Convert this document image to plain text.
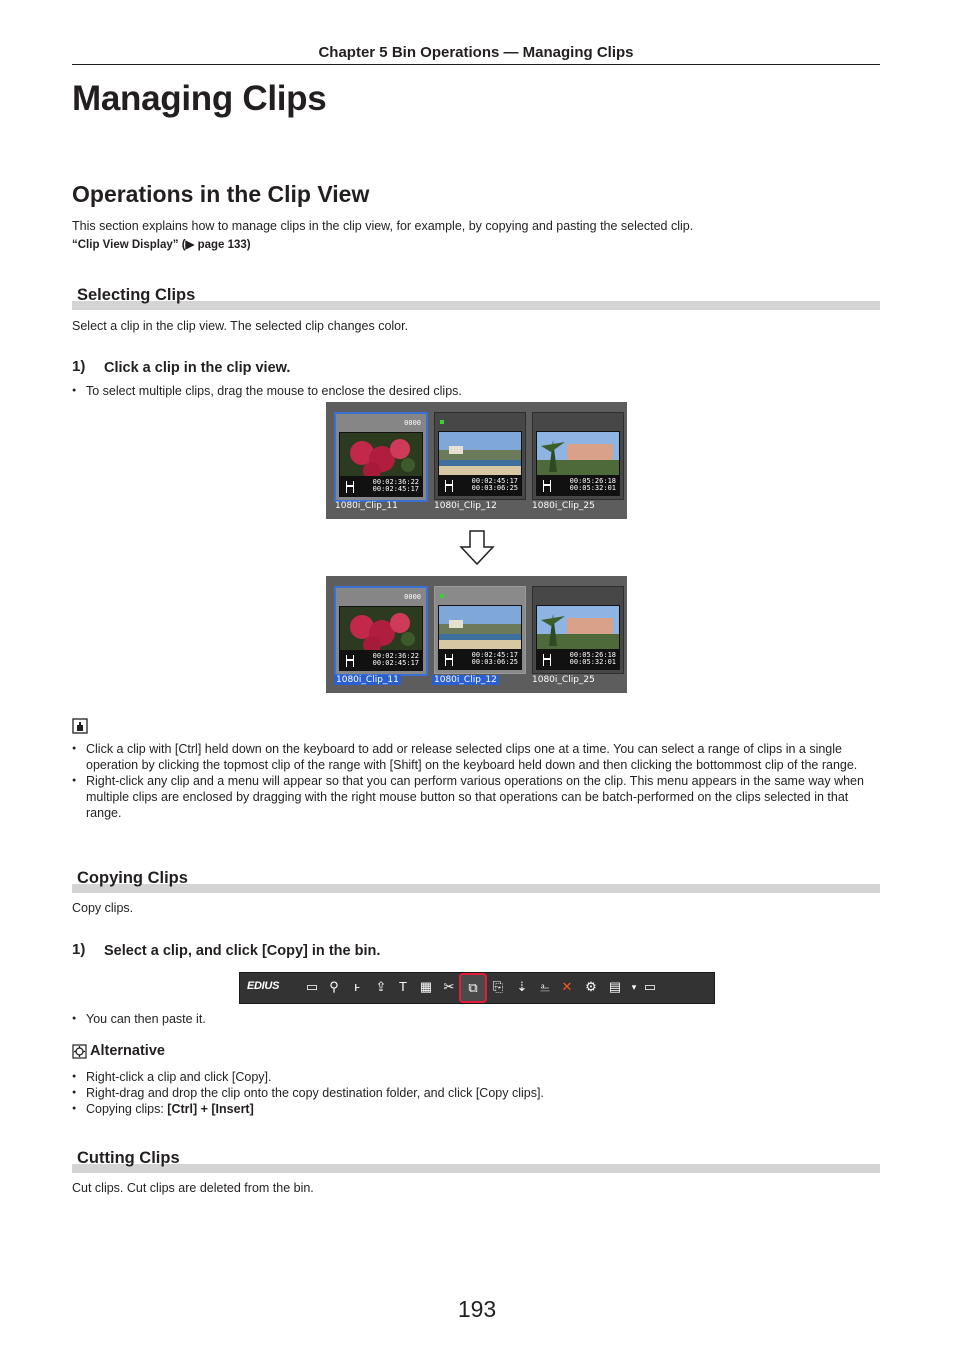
Chapter 5 Bin Operations — Managing Clips
Managing Clips
Operations in the Clip View
This section explains how to manage clips in the clip view, for example, by copying and pasting the selected clip.
“Clip View Display” (▶ page 133)
Selecting Clips
Select a clip in the clip view. The selected clip changes color.
1) Click a clip in the clip view.
● To select multiple clips, drag the mouse to enclose the desired clips.
0000
00:02:36:22
00:02:45:17
00:02:45:17
00:03:06:25
00:05:26:18
00:05:32:01
1080i_Clip_11	1080i_Clip_12	1080i_Clip_25
0000
00:02:36:22
00:02:45:17
00:02:45:17
00:03:06:25
00:05:26:18
00:05:32:01
1080i_Clip_11	1080i_Clip_12	1080i_Clip_25
● Click a clip with [Ctrl] held down on the keyboard to add or release selected clips one at a time. You can select a range of clips in a single operation by clicking the topmost clip of the range with [Shift] on the keyboard held down and then clicking the bottommost clip of the range.
● Right-click any clip and a menu will appear so that you can perform various operations on the clip. This menu appears in the same way when multiple clips are enclosed by dragging with the right mouse button so that operations can be batch-performed on the clips selected in that range.
Copying Clips
Copy clips.
1) Select a clip, and click [Copy] in the bin.
EDIUS ▭ ⚲	ⱶ	⇪ T ▦ ✂	⧉	⎘ ⇣ ⎁ ✕ ⚙ ▤	▾ ▭
● You can then paste it.
Alternative
● Right-click a clip and click [Copy].
● Right-drag and drop the clip onto the copy destination folder, and click [Copy clips].
● Copying clips: [Ctrl] + [Insert]
Cutting Clips
Cut clips. Cut clips are deleted from the bin.
193
